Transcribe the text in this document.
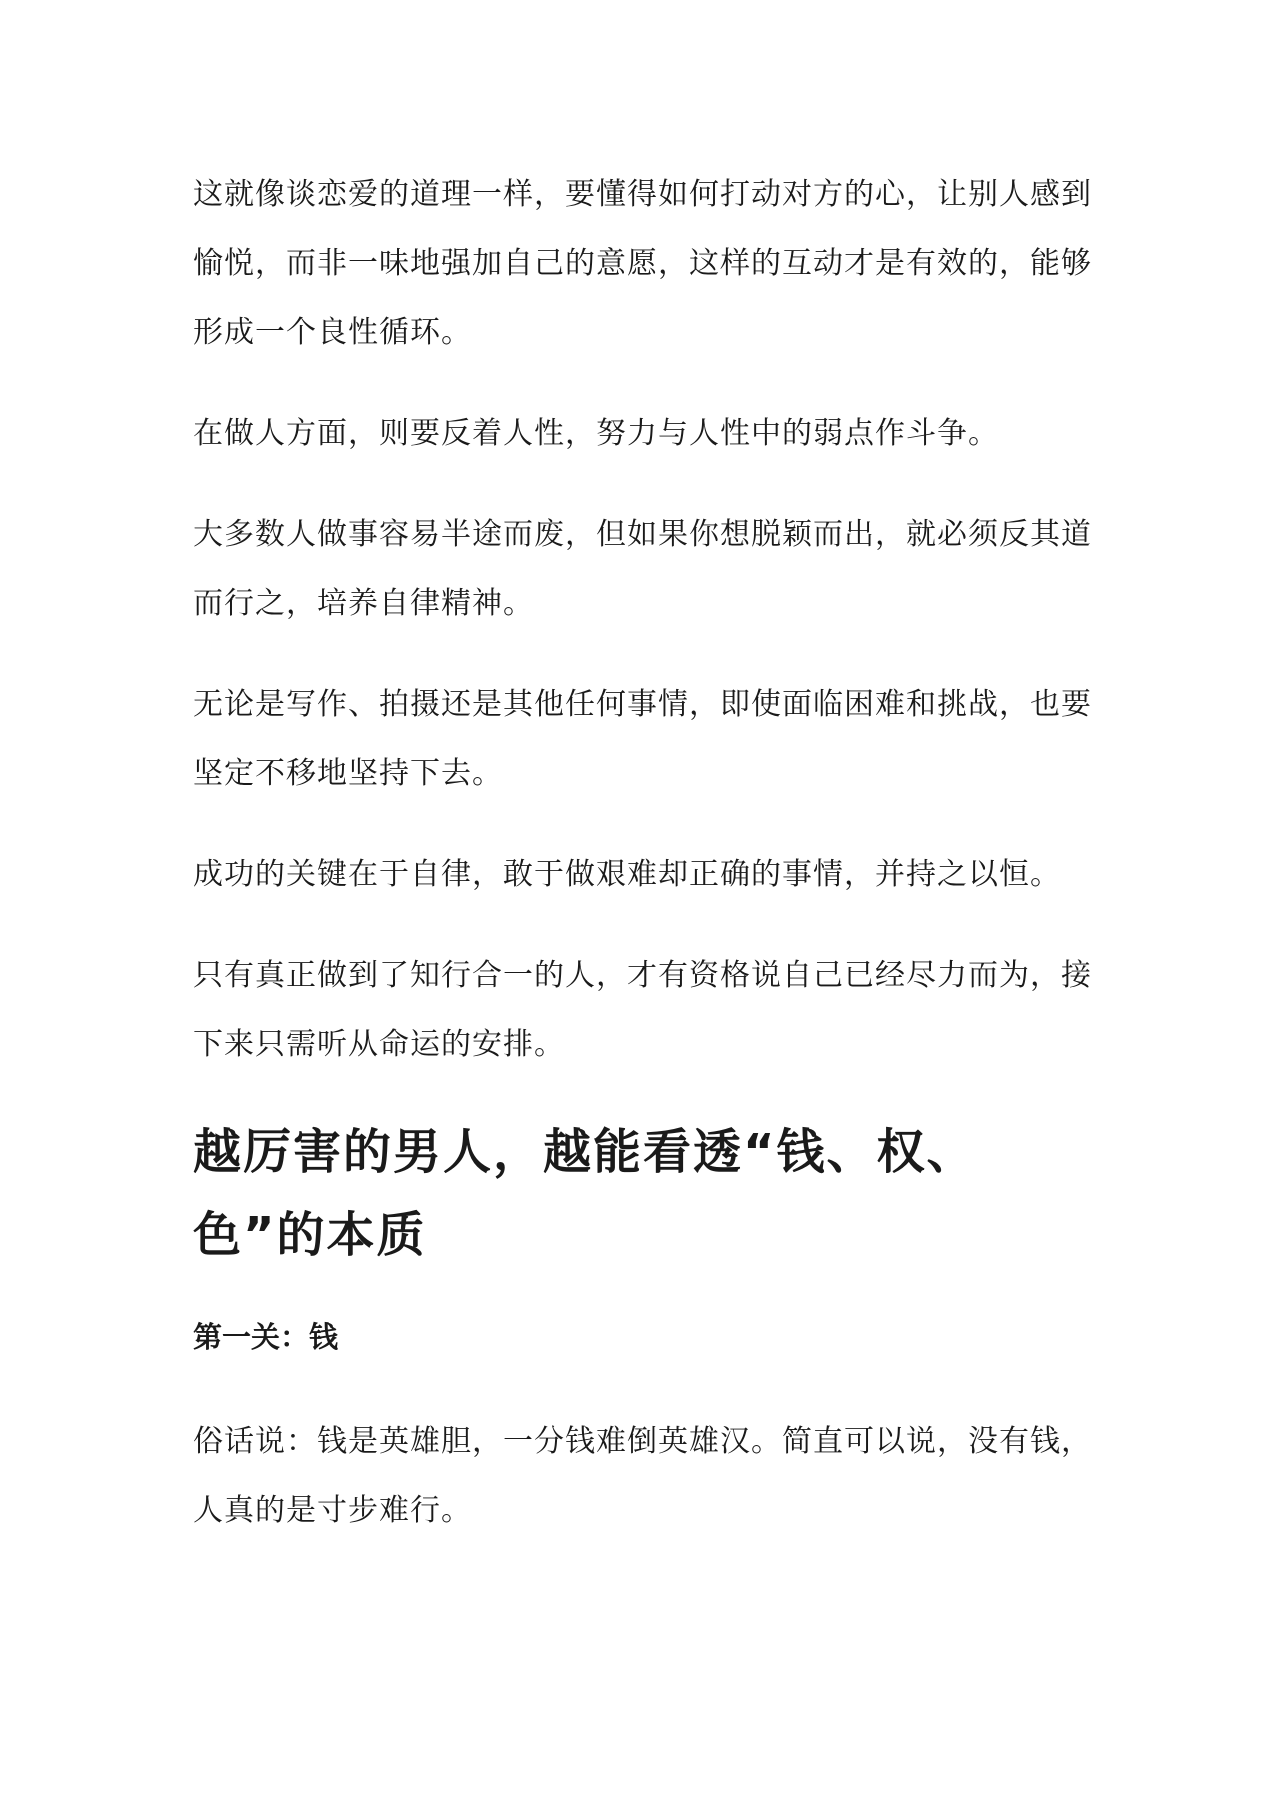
这就像谈恋爱的道理一样，要懂得如何打动对方的心，让别人感到愉悦，而非一味地强加自己的意愿，这样的互动才是有效的，能够形成一个良性循环。

在做人方面，则要反着人性，努力与人性中的弱点作斗争。

大多数人做事容易半途而废，但如果你想脱颖而出，就必须反其道而行之，培养自律精神。

无论是写作、拍摄还是其他任何事情，即使面临困难和挑战，也要坚定不移地坚持下去。

成功的关键在于自律，敢于做艰难却正确的事情，并持之以恒。

只有真正做到了知行合一的人，才有资格说自己已经尽力而为，接下来只需听从命运的安排。

越厉害的男人，越能看透“钱、权、色”的本质
第一关：钱

俗话说：钱是英雄胆，一分钱难倒英雄汉。简直可以说，没有钱，人真的是寸步难行。
